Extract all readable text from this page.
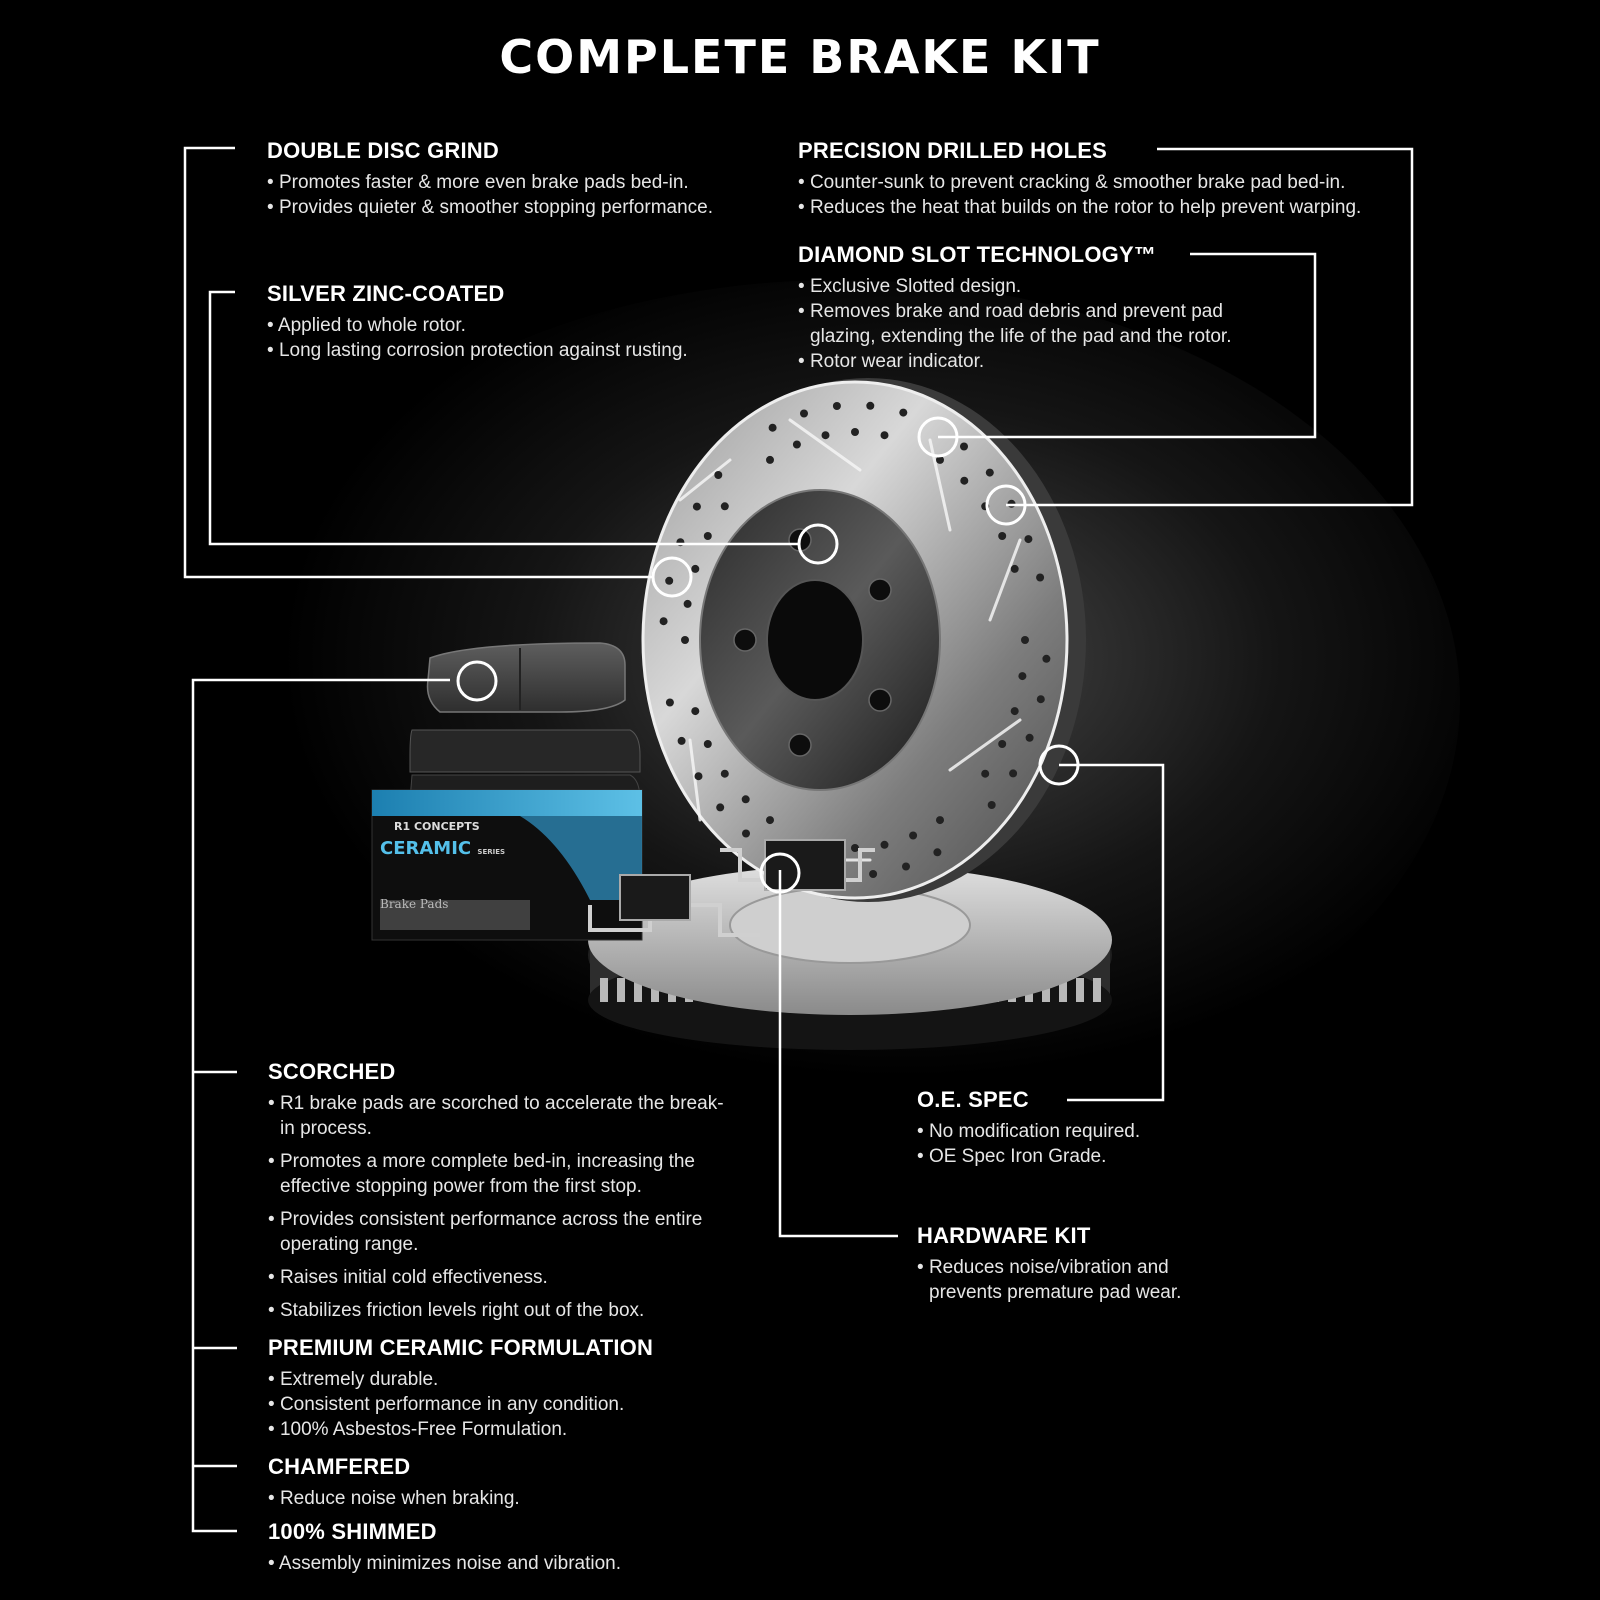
R1 CONCEPTS
CERAMIC SERIES
Brake Pads
COMPLETE BRAKE KIT
DOUBLE DISC GRIND
• Promotes faster & more even brake pads bed-in.
• Provides quieter & smoother stopping performance.
SILVER ZINC-COATED
• Applied to whole rotor.
• Long lasting corrosion protection against rusting.
PRECISION DRILLED HOLES
• Counter-sunk to prevent cracking & smoother brake pad bed-in.
• Reduces the heat that builds on the rotor to help prevent warping.
DIAMOND SLOT TECHNOLOGY™
• Exclusive Slotted design.
• Removes brake and road debris and prevent pad glazing, extending the life of the pad and the rotor.
• Rotor wear indicator.
SCORCHED
• R1 brake pads are scorched to accelerate the break-in process.
• Promotes a more complete bed-in, increasing the effective stopping power from the first stop.
• Provides consistent performance across the entire operating range.
• Raises initial cold effectiveness.
• Stabilizes friction levels right out of the box.
PREMIUM CERAMIC FORMULATION
• Extremely durable.
• Consistent performance in any condition.
• 100% Asbestos-Free Formulation.
CHAMFERED
• Reduce noise when braking.
100% SHIMMED
• Assembly minimizes noise and vibration.
O.E. SPEC
• No modification required.
• OE Spec Iron Grade.
HARDWARE KIT
• Reduces noise/vibration and prevents premature pad wear.
